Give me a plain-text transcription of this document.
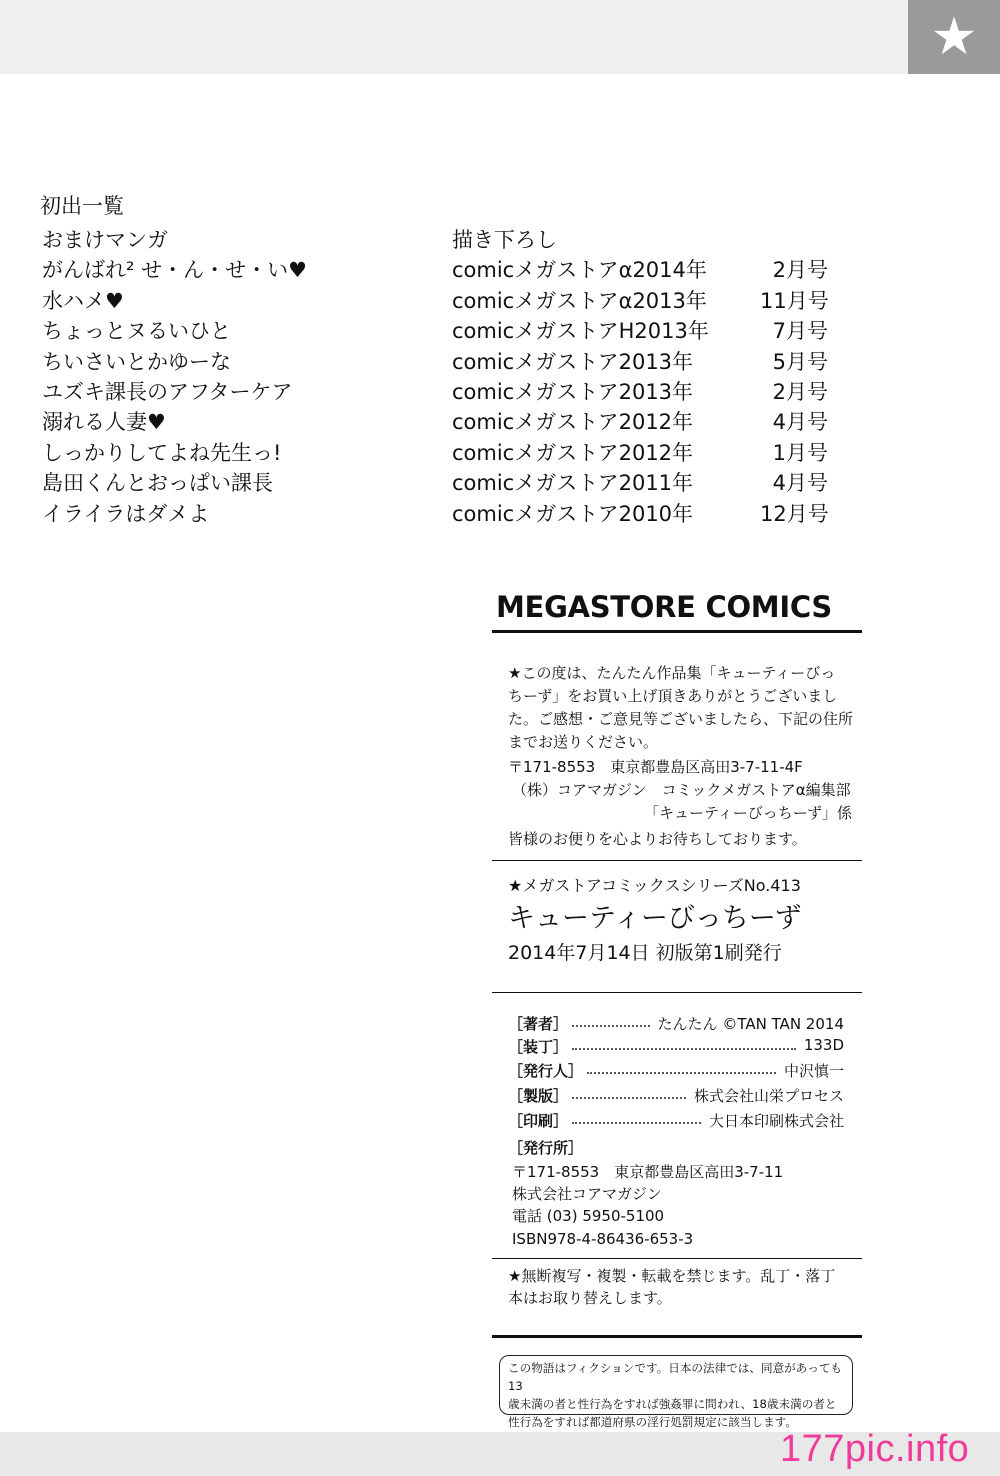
★
初出一覧
おまけマンガ	描き下ろし
がんばれ² せ・ん・せ・い♥	comicメガストアα2014年	2月号
水ハメ♥	comicメガストアα2013年	11月号
ちょっとヌるいひと	comicメガストアH2013年	7月号
ちいさいとかゆーな	comicメガストア2013年	5月号
ユズキ課長のアフターケア	comicメガストア2013年	2月号
溺れる人妻♥	comicメガストア2012年	4月号
しっかりしてよね先生っ!	comicメガストア2012年	1月号
島田くんとおっぱい課長	comicメガストア2011年	4月号
イライラはダメよ	comicメガストア2010年	12月号
MEGASTORE COMICS
★この度は、たんたん作品集「キューティーびっ
ちーず」をお買い上げ頂きありがとうございまし
た。ご感想・ご意見等ございましたら、下記の住所
までお送りください。
〒171-8553　東京都豊島区高田3-7-11-4F
（株）コアマガジン　コミックメガストアα編集部
「キューティーびっちーず」係
皆様のお便りを心よりお待ちしております。
★メガストアコミックスシリーズNo.413
キューティーびっちーず
2014年7月14日 初版第1刷発行
［著者］	たんたん ©TAN TAN 2014
［装丁］	133D
［発行人］	中沢慎一
［製版］	株式会社山栄プロセス
［印刷］	大日本印刷株式会社
［発行所］
〒171-8553　東京都豊島区高田3-7-11
株式会社コアマガジン
電話 (03) 5950-5100
ISBN978-4-86436-653-3
★無断複写・複製・転載を禁じます。乱丁・落丁
本はお取り替えします。
この物語はフィクションです。日本の法律では、同意があっても13
歳未満の者と性行為をすれば強姦罪に問われ、18歳未満の者と
性行為をすれば都道府県の淫行処罰規定に該当します。
177pic.info
